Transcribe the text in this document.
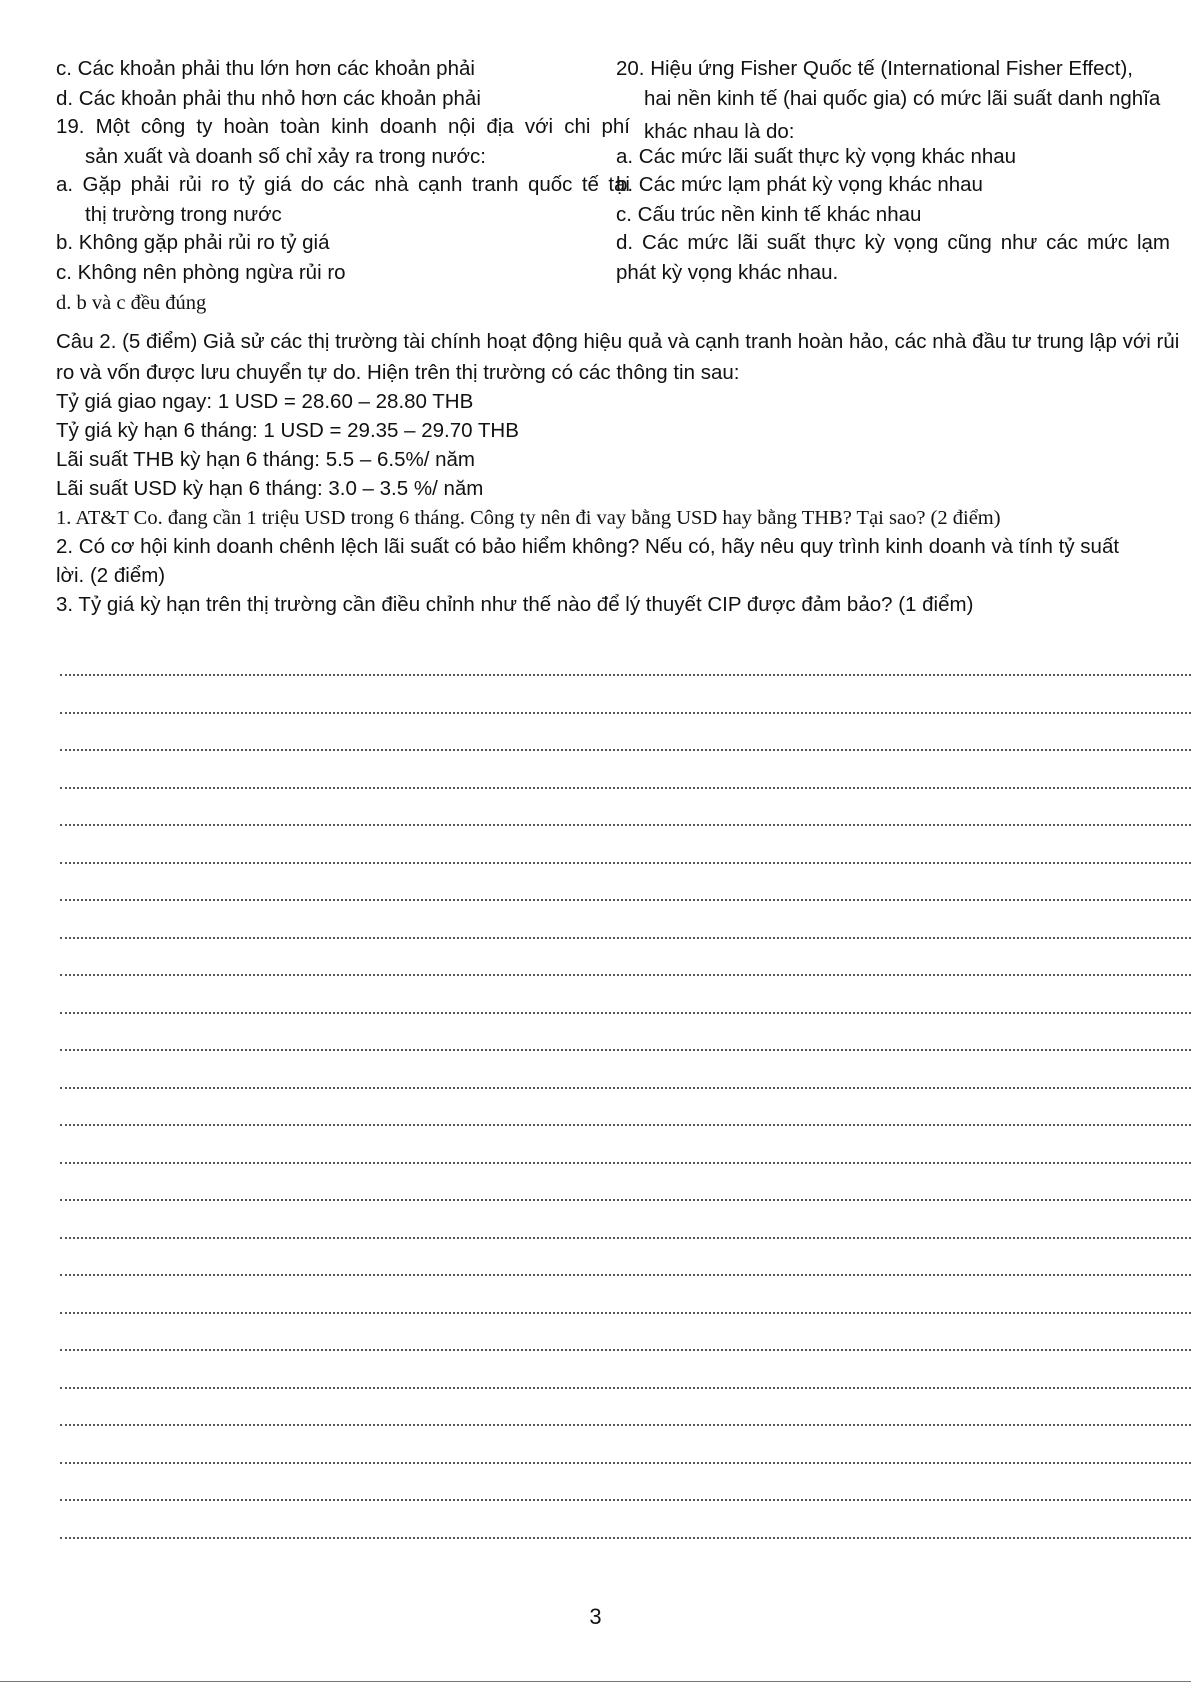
c. Các khoản phải thu lớn hơn các khoản phải
d. Các khoản phải thu nhỏ hơn các khoản phải
19. Một công ty hoàn toàn kinh doanh nội địa với chi phí
sản xuất và doanh số chỉ xảy ra trong nước:
a. Gặp phải rủi ro tỷ giá do các nhà cạnh tranh quốc tế tại
thị trường trong nước
b. Không gặp phải rủi ro tỷ giá
c. Không nên phòng ngừa rủi ro
d. b và c đều đúng
20. Hiệu ứng Fisher Quốc tế (International Fisher Effect),
hai nền kinh tế (hai quốc gia) có mức lãi suất danh nghĩa
khác nhau là do:
a. Các mức lãi suất thực kỳ vọng khác nhau
b. Các mức lạm phát kỳ vọng khác nhau
c. Cấu trúc nền kinh tế khác nhau
d. Các mức lãi suất thực kỳ vọng cũng như các mức lạm
phát kỳ vọng khác nhau.
Câu 2. (5 điểm) Giả sử các thị trường tài chính hoạt động hiệu quả và cạnh tranh hoàn hảo, các nhà đầu tư trung lập với rủi
ro và vốn được lưu chuyển tự do. Hiện trên thị trường có các thông tin sau:
Tỷ giá giao ngay: 1 USD = 28.60 – 28.80 THB
Tỷ giá kỳ hạn 6 tháng: 1 USD = 29.35 – 29.70 THB
Lãi suất THB kỳ hạn 6 tháng: 5.5 – 6.5%/ năm
Lãi suất USD kỳ hạn 6 tháng: 3.0 – 3.5 %/ năm
1. AT&T Co. đang cần 1 triệu USD trong 6 tháng. Công ty nên đi vay bằng USD hay bằng THB? Tại sao? (2 điểm)
2. Có cơ hội kinh doanh chênh lệch lãi suất có bảo hiểm không? Nếu có, hãy nêu quy trình kinh doanh và tính tỷ suất
lời. (2 điểm)
3. Tỷ giá kỳ hạn trên thị trường cần điều chỉnh như thế nào để lý thuyết CIP được đảm bảo? (1 điểm)
3
